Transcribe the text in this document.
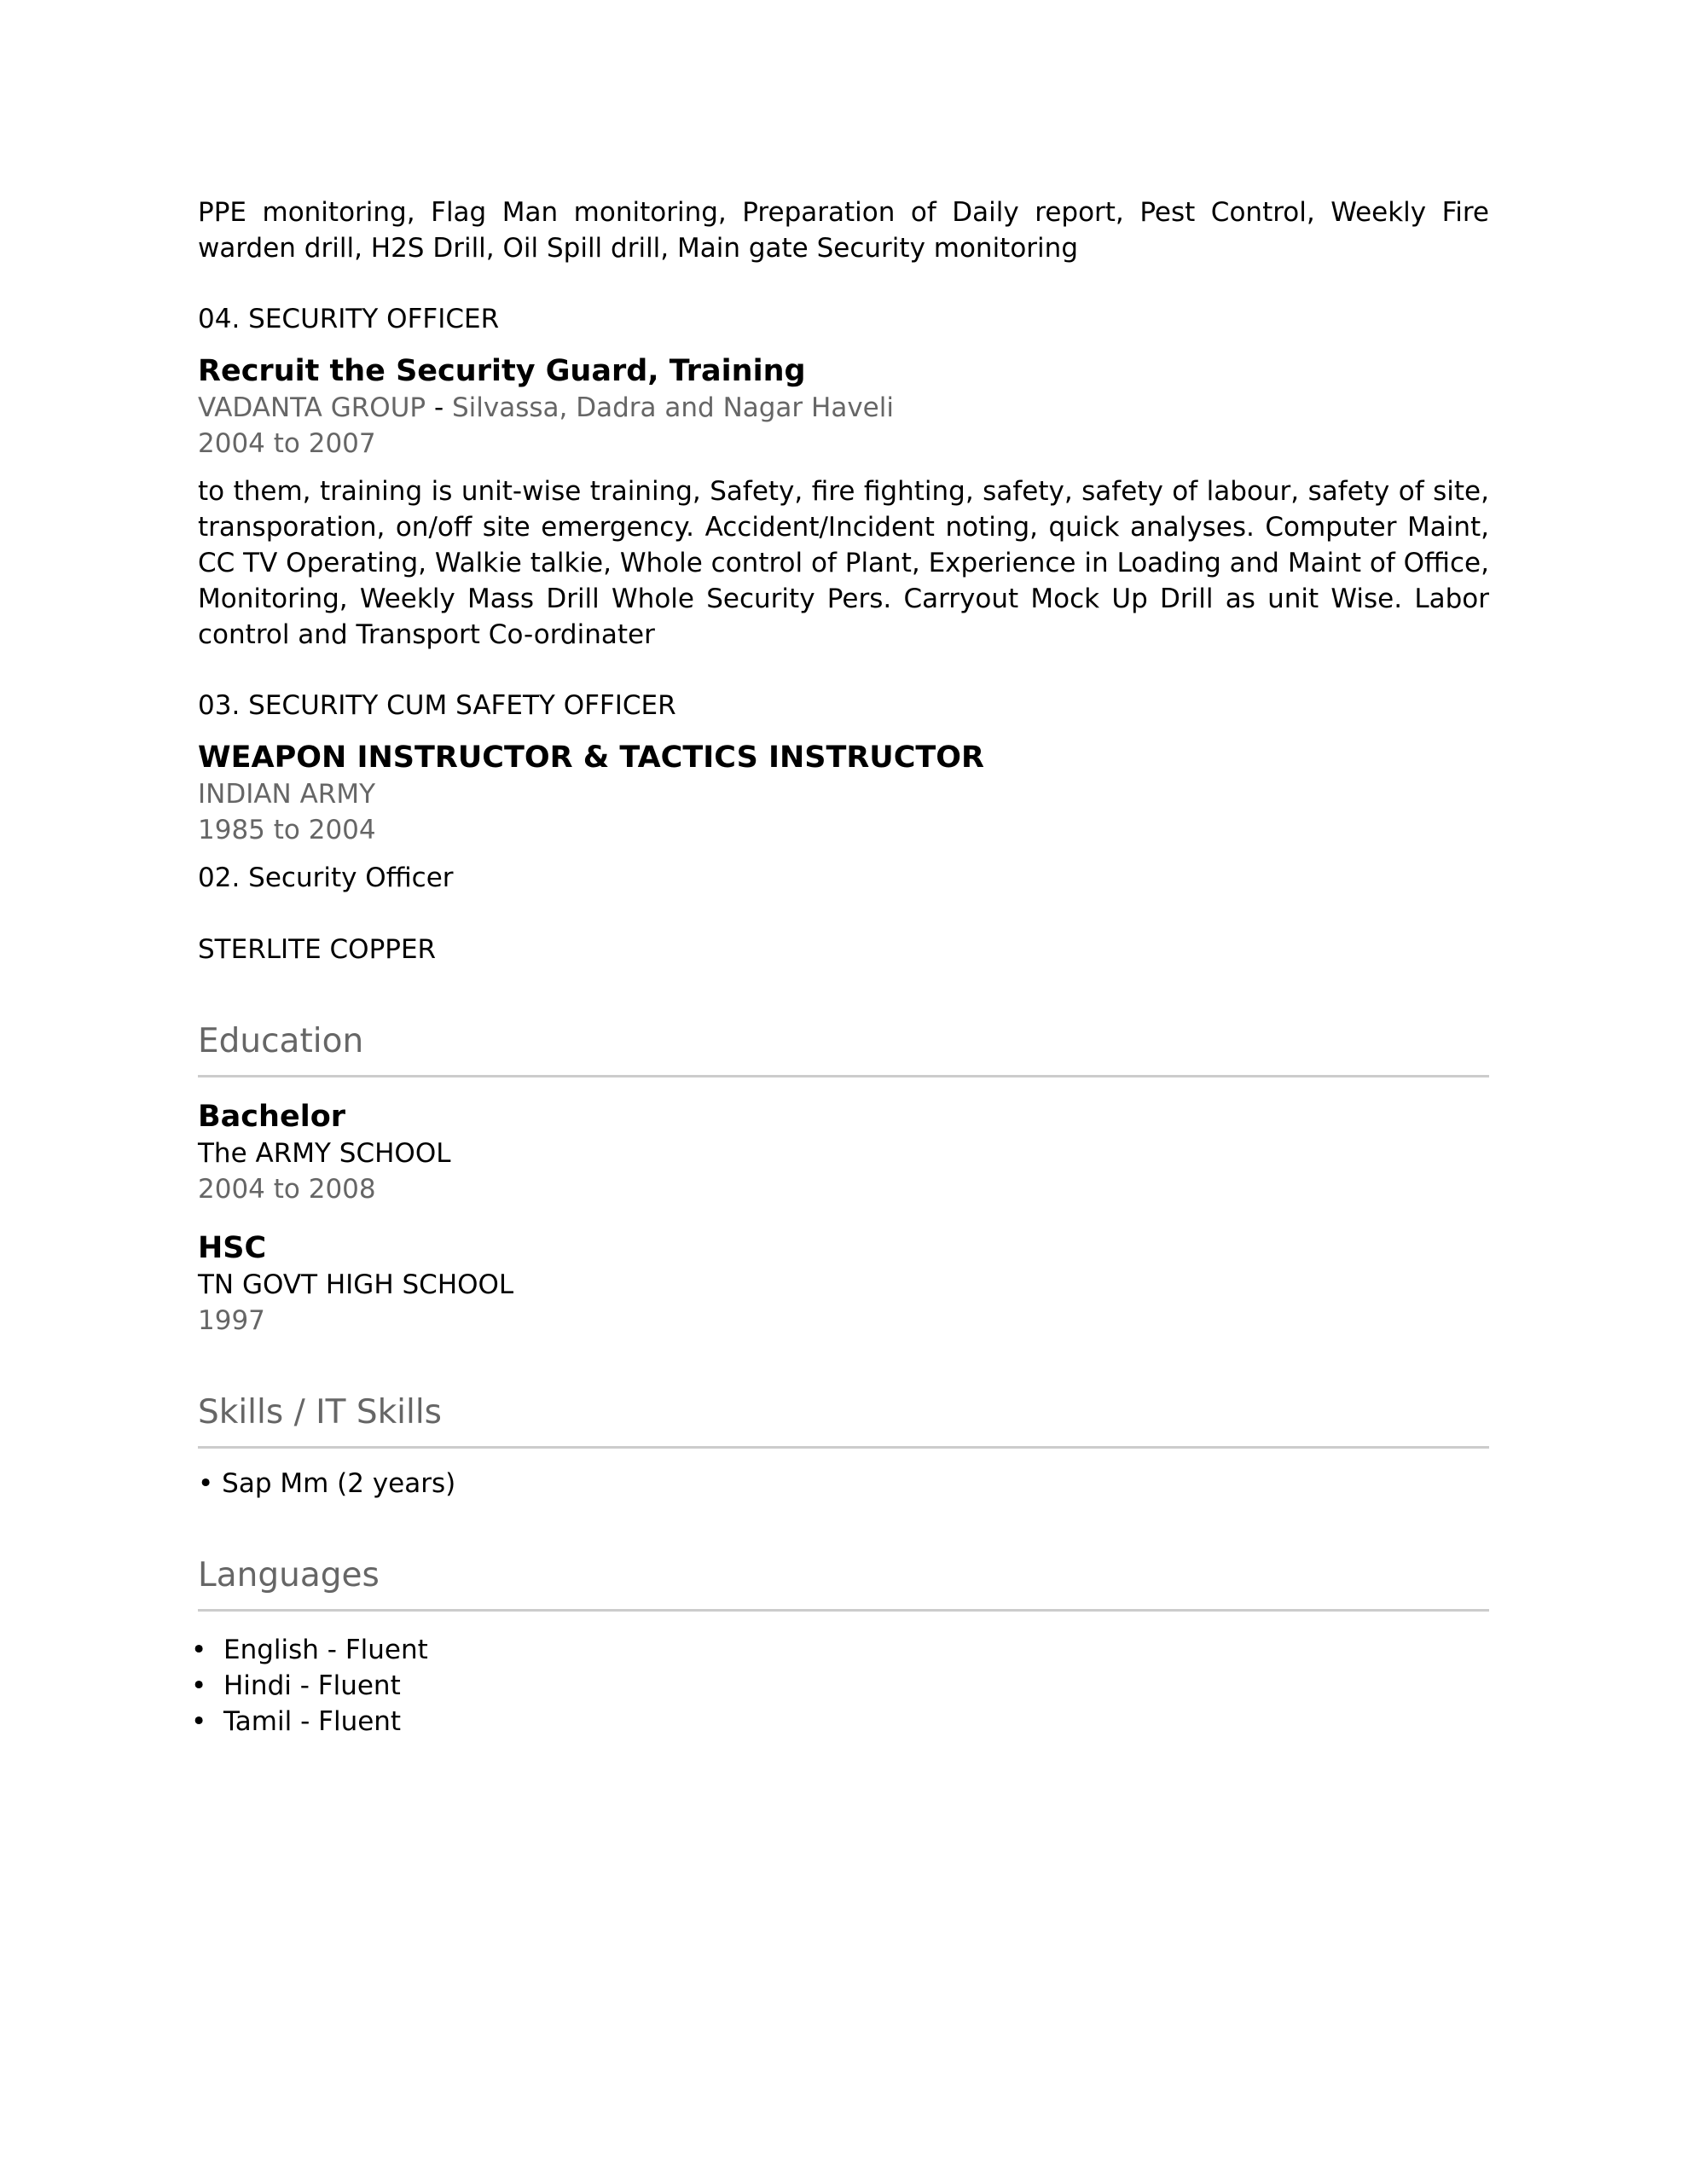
PPE monitoring, Flag Man monitoring, Preparation of Daily report, Pest Control, Weekly Fire warden drill, H2S Drill, Oil Spill drill, Main gate Security monitoring

04. SECURITY OFFICER

Recruit the Security Guard, Training

VADANTA GROUP - Silvassa, Dadra and Nagar Haveli

2004 to 2007

to them, training is unit-wise training, Safety, fire fighting, safety, safety of labour, safety of site, transporation, on/off site emergency. Accident/Incident noting, quick analyses. Computer Maint, CC TV Operating, Walkie talkie, Whole control of Plant, Experience in Loading and Maint of Office, Monitoring, Weekly Mass Drill Whole Security Pers. Carryout Mock Up Drill as unit Wise. Labor control and Transport Co-ordinater

03. SECURITY CUM SAFETY OFFICER

WEAPON INSTRUCTOR & TACTICS INSTRUCTOR

INDIAN ARMY

1985 to 2004

02. Security Officer

STERLITE COPPER

Education

Bachelor

The ARMY SCHOOL

2004 to 2008

HSC

TN GOVT HIGH SCHOOL

1997

Skills / IT Skills

• Sap Mm (2 years)

Languages

• English - Fluent
• Hindi - Fluent
• Tamil - Fluent
